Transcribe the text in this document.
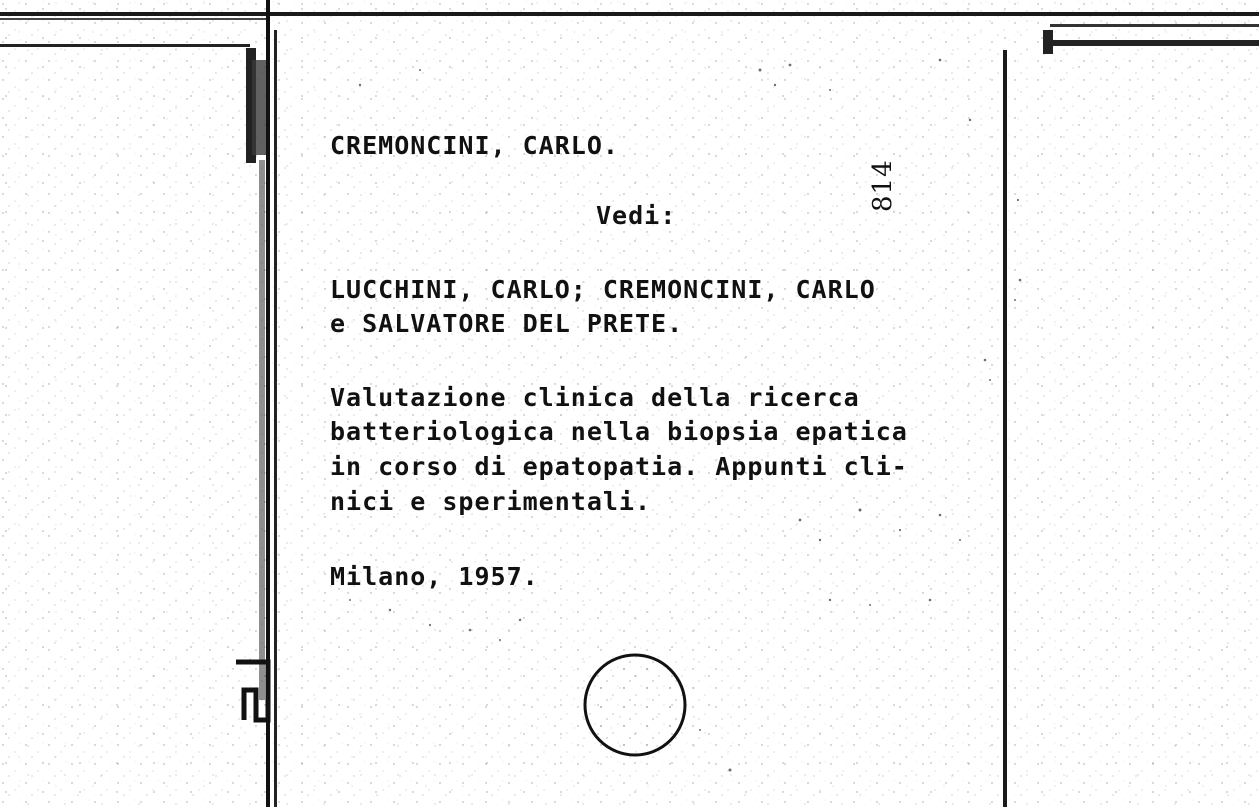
CREMONCINI, CARLO.
Vedi:
LUCCHINI, CARLO; CREMONCINI, CARLO
e SALVATORE DEL PRETE.
Valutazione clinica della ricerca
batteriologica nella biopsia epatica
in corso di epatopatia. Appunti cli-
nici e sperimentali.
Milano, 1957.
814
